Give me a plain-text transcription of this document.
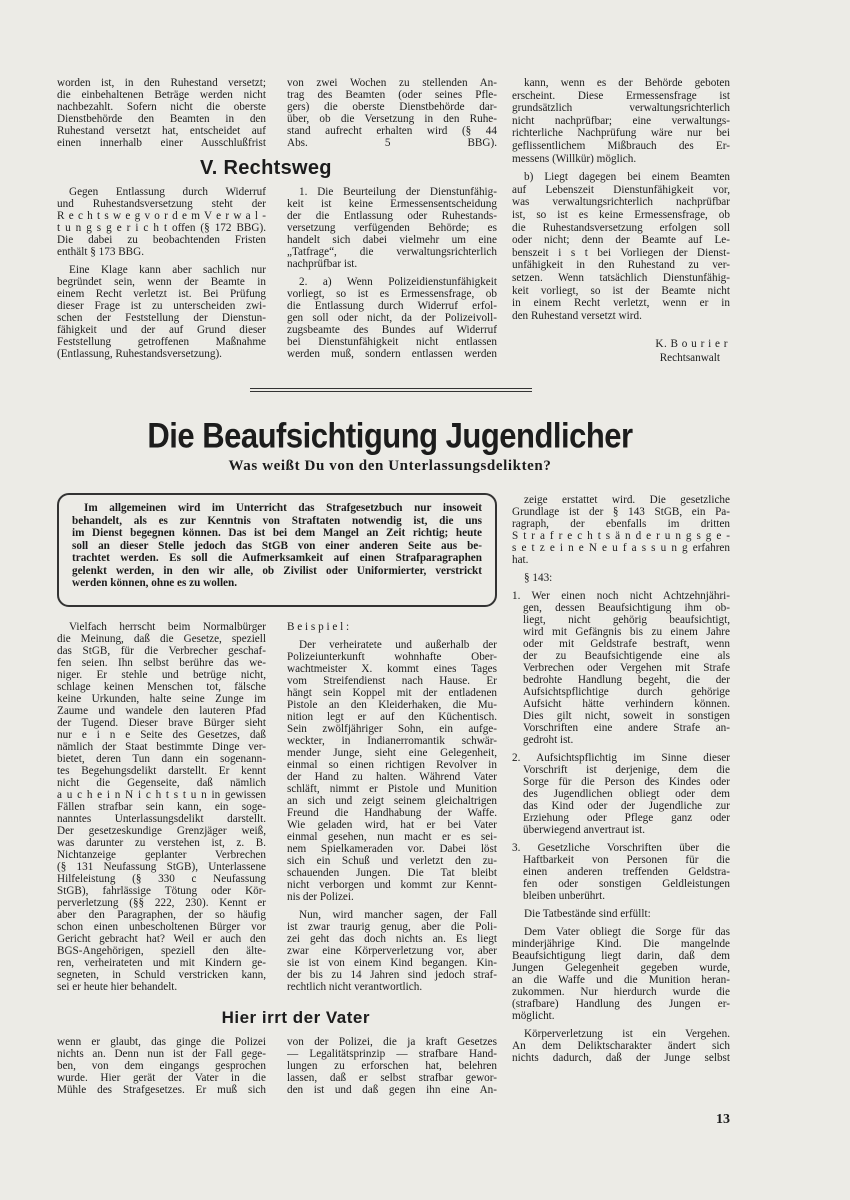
worden ist, in den Ruhestand versetzt;
die einbehaltenen Beträge werden nicht
nachbezahlt. Sofern nicht die oberste
Dienstbehörde den Beamten in den
Ruhestand versetzt hat, entscheidet auf
einen innerhalb einer Ausschlußfrist
von zwei Wochen zu stellenden An-
trag des Beamten (oder seines Pfle-
gers) die oberste Dienstbehörde dar-
über, ob die Versetzung in den Ruhe-
stand aufrecht erhalten wird (§ 44
Abs. 5 BBG).
kann, wenn es der Behörde geboten
erscheint. Diese Ermessensfrage ist
grundsätzlich verwaltungsrichterlich
nicht nachprüfbar; eine verwaltungs-
richterliche Nachprüfung wäre nur bei
geflissentlichem Mißbrauch des Er-
messens (Willkür) möglich.
b) Liegt dagegen bei einem Beamten
auf Lebenszeit Dienstunfähigkeit vor,
was verwaltungsrichterlich nachprüfbar
ist, so ist es keine Ermessensfrage, ob
die Ruhestandsversetzung erfolgen soll
oder nicht; denn der Beamte auf Le-
benszeit i s t bei Vorliegen der Dienst-
unfähigkeit in den Ruhestand zu ver-
setzen. Wenn tatsächlich Dienstunfähig-
keit vorliegt, so ist der Beamte nicht
in einem Recht verletzt, wenn er in
den Ruhestand versetzt wird.
V. Rechtsweg
Gegen Entlassung durch Widerruf
und Ruhestandsversetzung steht der
R e c h t s w e g v o r d e m V e r w a l -
t u n g s g e r i c h t offen (§ 172 BBG).
Die dabei zu beobachtenden Fristen
enthält § 173 BBG.
Eine Klage kann aber sachlich nur
begründet sein, wenn der Beamte in
einem Recht verletzt ist. Bei Prüfung
dieser Frage ist zu unterscheiden zwi-
schen der Feststellung der Dienstun-
fähigkeit und der auf Grund dieser
Feststellung getroffenen Maßnahme
(Entlassung, Ruhestandsversetzung).
1. Die Beurteilung der Dienstunfähig-
keit ist keine Ermessensentscheidung
der die Entlassung oder Ruhestands-
versetzung verfügenden Behörde; es
handelt sich dabei vielmehr um eine
„Tatfrage“, die verwaltungsrichterlich
nachprüfbar ist.
2. a) Wenn Polizeidienstunfähigkeit
vorliegt, so ist es Ermessensfrage, ob
die Entlassung durch Widerruf erfol-
gen soll oder nicht, da der Polizeivoll-
zugsbeamte des Bundes auf Widerruf
bei Dienstunfähigkeit nicht entlassen
werden muß, sondern entlassen werden
K. B o u r i e r
Rechtsanwalt
Die Beaufsichtigung Jugendlicher
Was weißt Du von den Unterlassungsdelikten?
Im allgemeinen wird im Unterricht das Strafgesetzbuch nur insoweit
behandelt, als es zur Kenntnis von Straftaten notwendig ist, die uns
im Dienst begegnen können. Das ist bei dem Mangel an Zeit richtig; heute
soll an dieser Stelle jedoch das StGB von einer anderen Seite aus be-
trachtet werden. Es soll die Aufmerksamkeit auf einen Strafparagraphen
gelenkt werden, in den wir alle, ob Zivilist oder Uniformierter, verstrickt
werden können, ohne es zu wollen.
zeige erstattet wird. Die gesetzliche
Grundlage ist der § 143 StGB, ein Pa-
ragraph, der ebenfalls im dritten
S t r a f r e c h t s ä n d e r u n g s g e -
s e t z e i n e N e u f a s s u n g erfahren
hat.
§ 143:
1. Wer einen noch nicht Achtzehnjähri-
gen, dessen Beaufsichtigung ihm ob-
liegt, nicht gehörig beaufsichtigt,
wird mit Gefängnis bis zu einem Jahre
oder mit Geldstrafe bestraft, wenn
der zu Beaufsichtigende eine als
Verbrechen oder Vergehen mit Strafe
bedrohte Handlung begeht, die der
Aufsichtspflichtige durch gehörige
Aufsicht hätte verhindern können.
Dies gilt nicht, soweit in sonstigen
Vorschriften eine andere Strafe an-
gedroht ist.
2. Aufsichtspflichtig im Sinne dieser
Vorschrift ist derjenige, dem die
Sorge für die Person des Kindes oder
des Jugendlichen obliegt oder dem
das Kind oder der Jugendliche zur
Erziehung oder Pflege ganz oder
überwiegend anvertraut ist.
3. Gesetzliche Vorschriften über die
Haftbarkeit von Personen für die
einen anderen treffenden Geldstra-
fen oder sonstigen Geldleistungen
bleiben unberührt.
Die Tatbestände sind erfüllt:
Dem Vater obliegt die Sorge für das
minderjährige Kind. Die mangelnde
Beaufsichtigung liegt darin, daß dem
Jungen Gelegenheit gegeben wurde,
an die Waffe und die Munition heran-
zukommen. Nur hierdurch wurde die
(strafbare) Handlung des Jungen er-
möglicht.
Körperverletzung ist ein Vergehen.
An dem Deliktscharakter ändert sich
nichts dadurch, daß der Junge selbst
Vielfach herrscht beim Normalbürger
die Meinung, daß die Gesetze, speziell
das StGB, für die Verbrecher geschaf-
fen seien. Ihn selbst berühre das we-
niger. Er stehle und betrüge nicht,
schlage keinen Menschen tot, fälsche
keine Urkunden, halte seine Zunge im
Zaume und wandele den lauteren Pfad
der Tugend. Dieser brave Bürger sieht
nur e i n e Seite des Gesetzes, daß
nämlich der Staat bestimmte Dinge ver-
bietet, deren Tun dann ein sogenann-
tes Begehungsdelikt darstellt. Er kennt
nicht die Gegenseite, daß nämlich
a u c h e i n N i c h t s t u n in gewissen
Fällen strafbar sein kann, ein soge-
nanntes Unterlassungsdelikt darstellt.
Der gesetzeskundige Grenzjäger weiß,
was darunter zu verstehen ist, z. B.
Nichtanzeige geplanter Verbrechen
(§ 131 Neufassung StGB), Unterlassene
Hilfeleistung (§ 330 c Neufassung
StGB), fahrlässige Tötung oder Kör-
perverletzung (§§ 222, 230). Kennt er
aber den Paragraphen, der so häufig
schon einen unbescholtenen Bürger vor
Gericht gebracht hat? Weil er auch den
BGS-Angehörigen, speziell den älte-
ren, verheirateten und mit Kindern ge-
segneten, in Schuld verstricken kann,
sei er heute hier behandelt.
B e i s p i e l :
Der verheiratete und außerhalb der
Polizeiunterkunft wohnhafte Ober-
wachtmeister X. kommt eines Tages
vom Streifendienst nach Hause. Er
hängt sein Koppel mit der entladenen
Pistole an den Kleiderhaken, die Mu-
nition legt er auf den Küchentisch.
Sein zwölfjähriger Sohn, ein aufge-
weckter, in Indianerromantik schwär-
mender Junge, sieht eine Gelegenheit,
einmal so einen richtigen Revolver in
der Hand zu halten. Während Vater
schläft, nimmt er Pistole und Munition
an sich und zeigt seinem gleichaltrigen
Freund die Handhabung der Waffe.
Wie geladen wird, hat er bei Vater
einmal gesehen, nun macht er es sei-
nem Spielkameraden vor. Dabei löst
sich ein Schuß und verletzt den zu-
schauenden Jungen. Die Tat bleibt
nicht verborgen und kommt zur Kennt-
nis der Polizei.
Nun, wird mancher sagen, der Fall
ist zwar traurig genug, aber die Poli-
zei geht das doch nichts an. Es liegt
zwar eine Körperverletzung vor, aber
sie ist von einem Kind begangen. Kin-
der bis zu 14 Jahren sind jedoch straf-
rechtlich nicht verantwortlich.
Hier irrt der Vater
wenn er glaubt, das ginge die Polizei
nichts an. Denn nun ist der Fall gege-
ben, von dem eingangs gesprochen
wurde. Hier gerät der Vater in die
Mühle des Strafgesetzes. Er muß sich
von der Polizei, die ja kraft Gesetzes
— Legalitätsprinzip — strafbare Hand-
lungen zu erforschen hat, belehren
lassen, daß er selbst strafbar gewor-
den ist und daß gegen ihn eine An-
13
